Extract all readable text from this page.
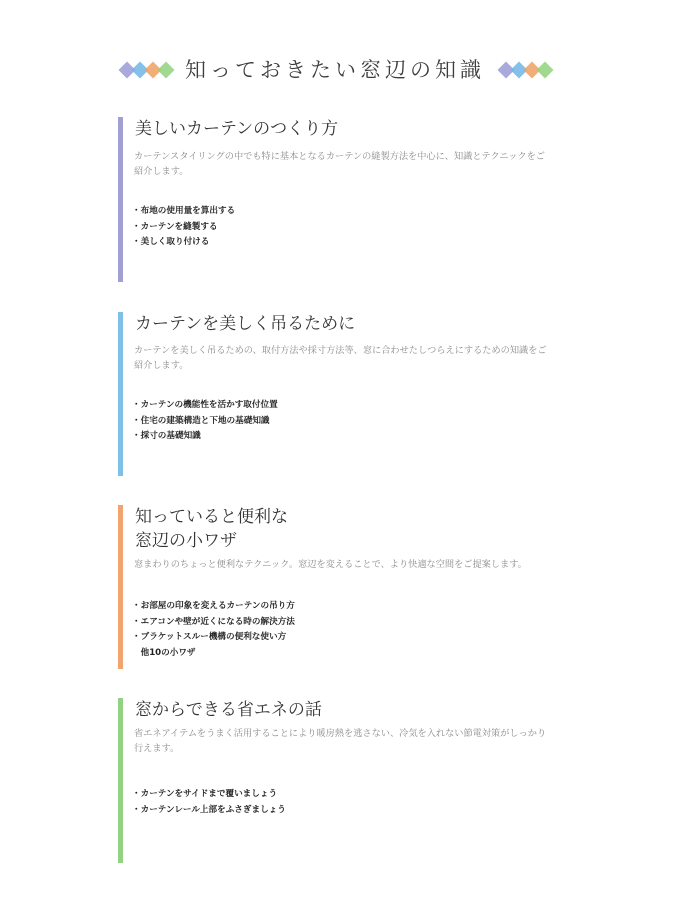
知っておきたい窓辺の知識
美しいカーテンのつくり方
カーテンスタイリングの中でも特に基本となるカーテンの縫製方法を中心に、知識とテクニックをご紹介します。
・布地の使用量を算出する
・カーテンを縫製する
・美しく取り付ける
カーテンを美しく吊るために
カーテンを美しく吊るための、取付方法や採寸方法等、窓に合わせたしつらえにするための知識をご紹介します。
・カーテンの機能性を活かす取付位置
・住宅の建築構造と下地の基礎知識
・採寸の基礎知識
知っていると便利な
窓辺の小ワザ
窓まわりのちょっと便利なテクニック。窓辺を変えることで、より快適な空間をご提案します。
・お部屋の印象を変えるカーテンの吊り方
・エアコンや壁が近くになる時の解決方法
・ブラケットスルー機構の便利な使い方
　他10の小ワザ
窓からできる省エネの話
省エネアイテムをうまく活用することにより暖房熱を逃さない、冷気を入れない節電対策がしっかり行えます。
・カーテンをサイドまで覆いましょう
・カーテンレール上部をふさぎましょう
